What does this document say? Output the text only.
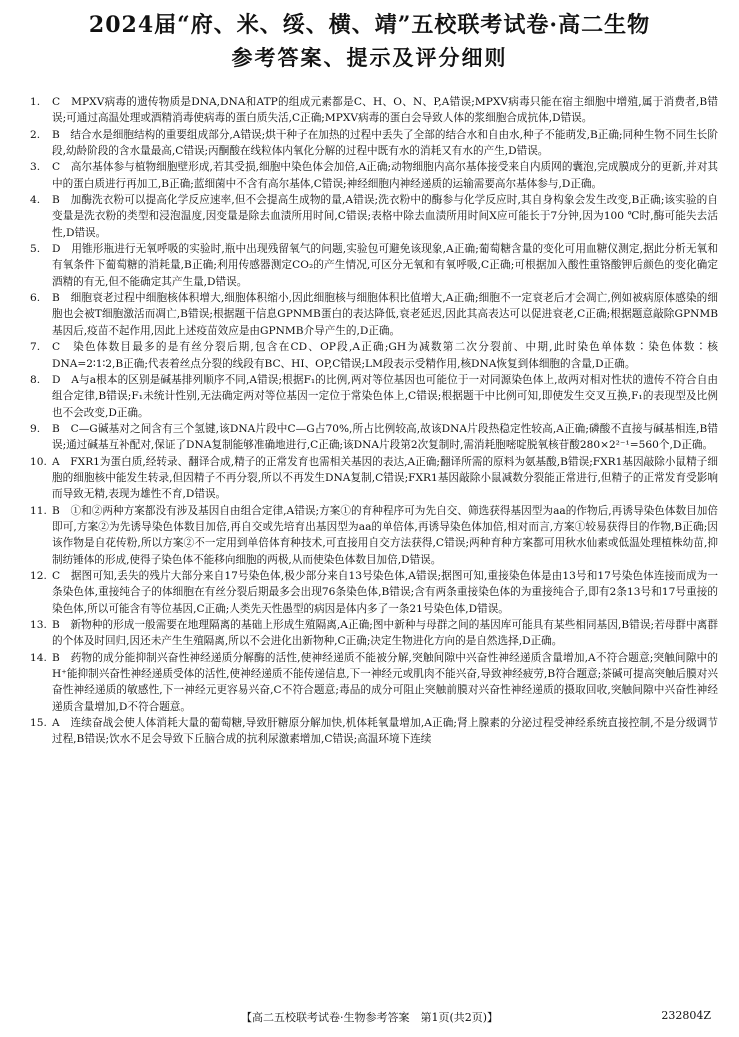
2024届“府、米、绥、横、靖”五校联考试卷·高二生物
参考答案、提示及评分细则

1. C　MPXV病毒的遗传物质是DNA,DNA和ATP的组成元素都是C、H、O、N、P,A错误;MPXV病毒只能在宿主细胞中增殖,属于消费者,B错误;可通过高温处理或酒精消毒使病毒的蛋白质失活,C正确;MPXV病毒的蛋白会导致人体的浆细胞合成抗体,D错误。

2. B　结合水是细胞结构的重要组成部分,A错误;烘干种子在加热的过程中丢失了全部的结合水和自由水,种子不能萌发,B正确;同种生物不同生长阶段,幼龄阶段的含水量最高,C错误;丙酮酸在线粒体内氧化分解的过程中既有水的消耗又有水的产生,D错误。

3. C　高尔基体参与植物细胞壁形成,若其受损,细胞中染色体会加倍,A正确;动物细胞内高尔基体接受来自内质网的囊泡,完成膜成分的更新,并对其中的蛋白质进行再加工,B正确;蓝细菌中不含有高尔基体,C错误;神经细胞内神经递质的运输需要高尔基体参与,D正确。

4. B　加酶洗衣粉可以提高化学反应速率,但不会提高生成物的量,A错误;洗衣粉中的酶参与化学反应时,其自身构象会发生改变,B正确;该实验的自变量是洗衣粉的类型和浸泡温度,因变量是除去血渍所用时间,C错误;表格中除去血渍所用时间X应可能长于7分钟,因为100 ℃时,酶可能失去活性,D错误。

5. D　用锥形瓶进行无氧呼吸的实验时,瓶中出现残留氧气的问题,实验包可避免该现象,A正确;葡萄糖含量的变化可用血糖仪测定,据此分析无氧和有氧条件下葡萄糖的消耗量,B正确;利用传感器测定CO₂的产生情况,可区分无氧和有氧呼吸,C正确;可根据加入酸性重铬酸钾后颜色的变化确定酒精的有无,但不能确定其产生量,D错误。

6. B　细胞衰老过程中细胞核体积增大,细胞体积缩小,因此细胞核与细胞体积比值增大,A正确;细胞不一定衰老后才会凋亡,例如被病原体感染的细胞也会被T细胞激活而凋亡,B错误;根据题干信息GPNMB蛋白的表达降低,衰老延迟,因此其高表达可以促进衰老,C正确;根据题意敲除GPNMB基因后,疫苗不起作用,因此上述疫苗效应是由GPNMB介导产生的,D正确。

7. C　染色体数目最多的是有丝分裂后期,包含在CD、OP段,A正确;GH为减数第二次分裂前、中期,此时染色单体数∶染色体数∶核DNA=2∶1∶2,B正确;代表着丝点分裂的线段有BC、HI、OP,C错误;LM段表示受精作用,核DNA恢复到体细胞的含量,D正确。

8. D　A与a根本的区别是碱基排列顺序不同,A错误;根据F₁的比例,两对等位基因也可能位于一对同源染色体上,故两对相对性状的遗传不符合自由组合定律,B错误;F₁未统计性别,无法确定两对等位基因一定位于常染色体上,C错误;根据题干中比例可知,即使发生交叉互换,F₁的表现型及比例也不会改变,D正确。

9. B　C—G碱基对之间含有三个氢键,该DNA片段中C—G占70%,所占比例较高,故该DNA片段热稳定性较高,A正确;磷酸不直接与碱基相连,B错误;通过碱基互补配对,保证了DNA复制能够准确地进行,C正确;该DNA片段第2次复制时,需消耗胞嘧啶脱氧核苷酸280×2²⁻¹=560个,D正确。

10. A　FXR1为蛋白质,经转录、翻译合成,精子的正常发育也需相关基因的表达,A正确;翻译所需的原料为氨基酸,B错误;FXR1基因敲除小鼠精子细胞的细胞核中能发生转录,但因精子不再分裂,所以不再发生DNA复制,C错误;FXR1基因敲除小鼠减数分裂能正常进行,但精子的正常发育受影响而导致无精,表现为雄性不育,D错误。

11. B　①和②两种方案都没有涉及基因自由组合定律,A错误;方案①的育种程序可为先自交、筛选获得基因型为aa的作物后,再诱导染色体数目加倍即可,方案②为先诱导染色体数目加倍,再自交或先培育出基因型为aa的单倍体,再诱导染色体加倍,相对而言,方案①较易获得目的作物,B正确;因该作物是自花传粉,所以方案②不一定用到单倍体育种技术,可直接用自交方法获得,C错误;两种育种方案都可用秋水仙素或低温处理植株幼苗,抑制纺锤体的形成,使得子染色体不能移向细胞的两极,从而使染色体数目加倍,D错误。

12. C　据图可知,丢失的残片大部分来自17号染色体,极少部分来自13号染色体,A错误;据图可知,重接染色体是由13号和17号染色体连接而成为一条染色体,重接纯合子的体细胞在有丝分裂后期最多会出现76条染色体,B错误;含有两条重接染色体的为重接纯合子,即有2条13号和17号重接的染色体,所以可能含有等位基因,C正确;人类先天性愚型的病因是体内多了一条21号染色体,D错误。

13. B　新物种的形成一般需要在地理隔离的基础上形成生殖隔离,A正确;图中新种与母群之间的基因库可能具有某些相同基因,B错误;若母群中离群的个体及时回归,因还未产生生殖隔离,所以不会进化出新物种,C正确;决定生物进化方向的是自然选择,D正确。

14. B　药物的成分能抑制兴奋性神经递质分解酶的活性,使神经递质不能被分解,突触间隙中兴奋性神经递质含量增加,A不符合题意;突触间隙中的H⁺能抑制兴奋性神经递质受体的活性,使神经递质不能传递信息,下一神经元或肌肉不能兴奋,导致神经疲劳,B符合题意;茶碱可提高突触后膜对兴奋性神经递质的敏感性,下一神经元更容易兴奋,C不符合题意;毒品的成分可阻止突触前膜对兴奋性神经递质的摄取回收,突触间隙中兴奋性神经递质含量增加,D不符合题意。

15. A　连续奋战会使人体消耗大量的葡萄糖,导致肝糖原分解加快,机体耗氧量增加,A正确;肾上腺素的分泌过程受神经系统直接控制,不是分级调节过程,B错误;饮水不足会导致下丘脑合成的抗利尿激素增加,C错误;高温环境下连续

【高二五校联考试卷·生物参考答案　第1页(共2页)】	232804Z
